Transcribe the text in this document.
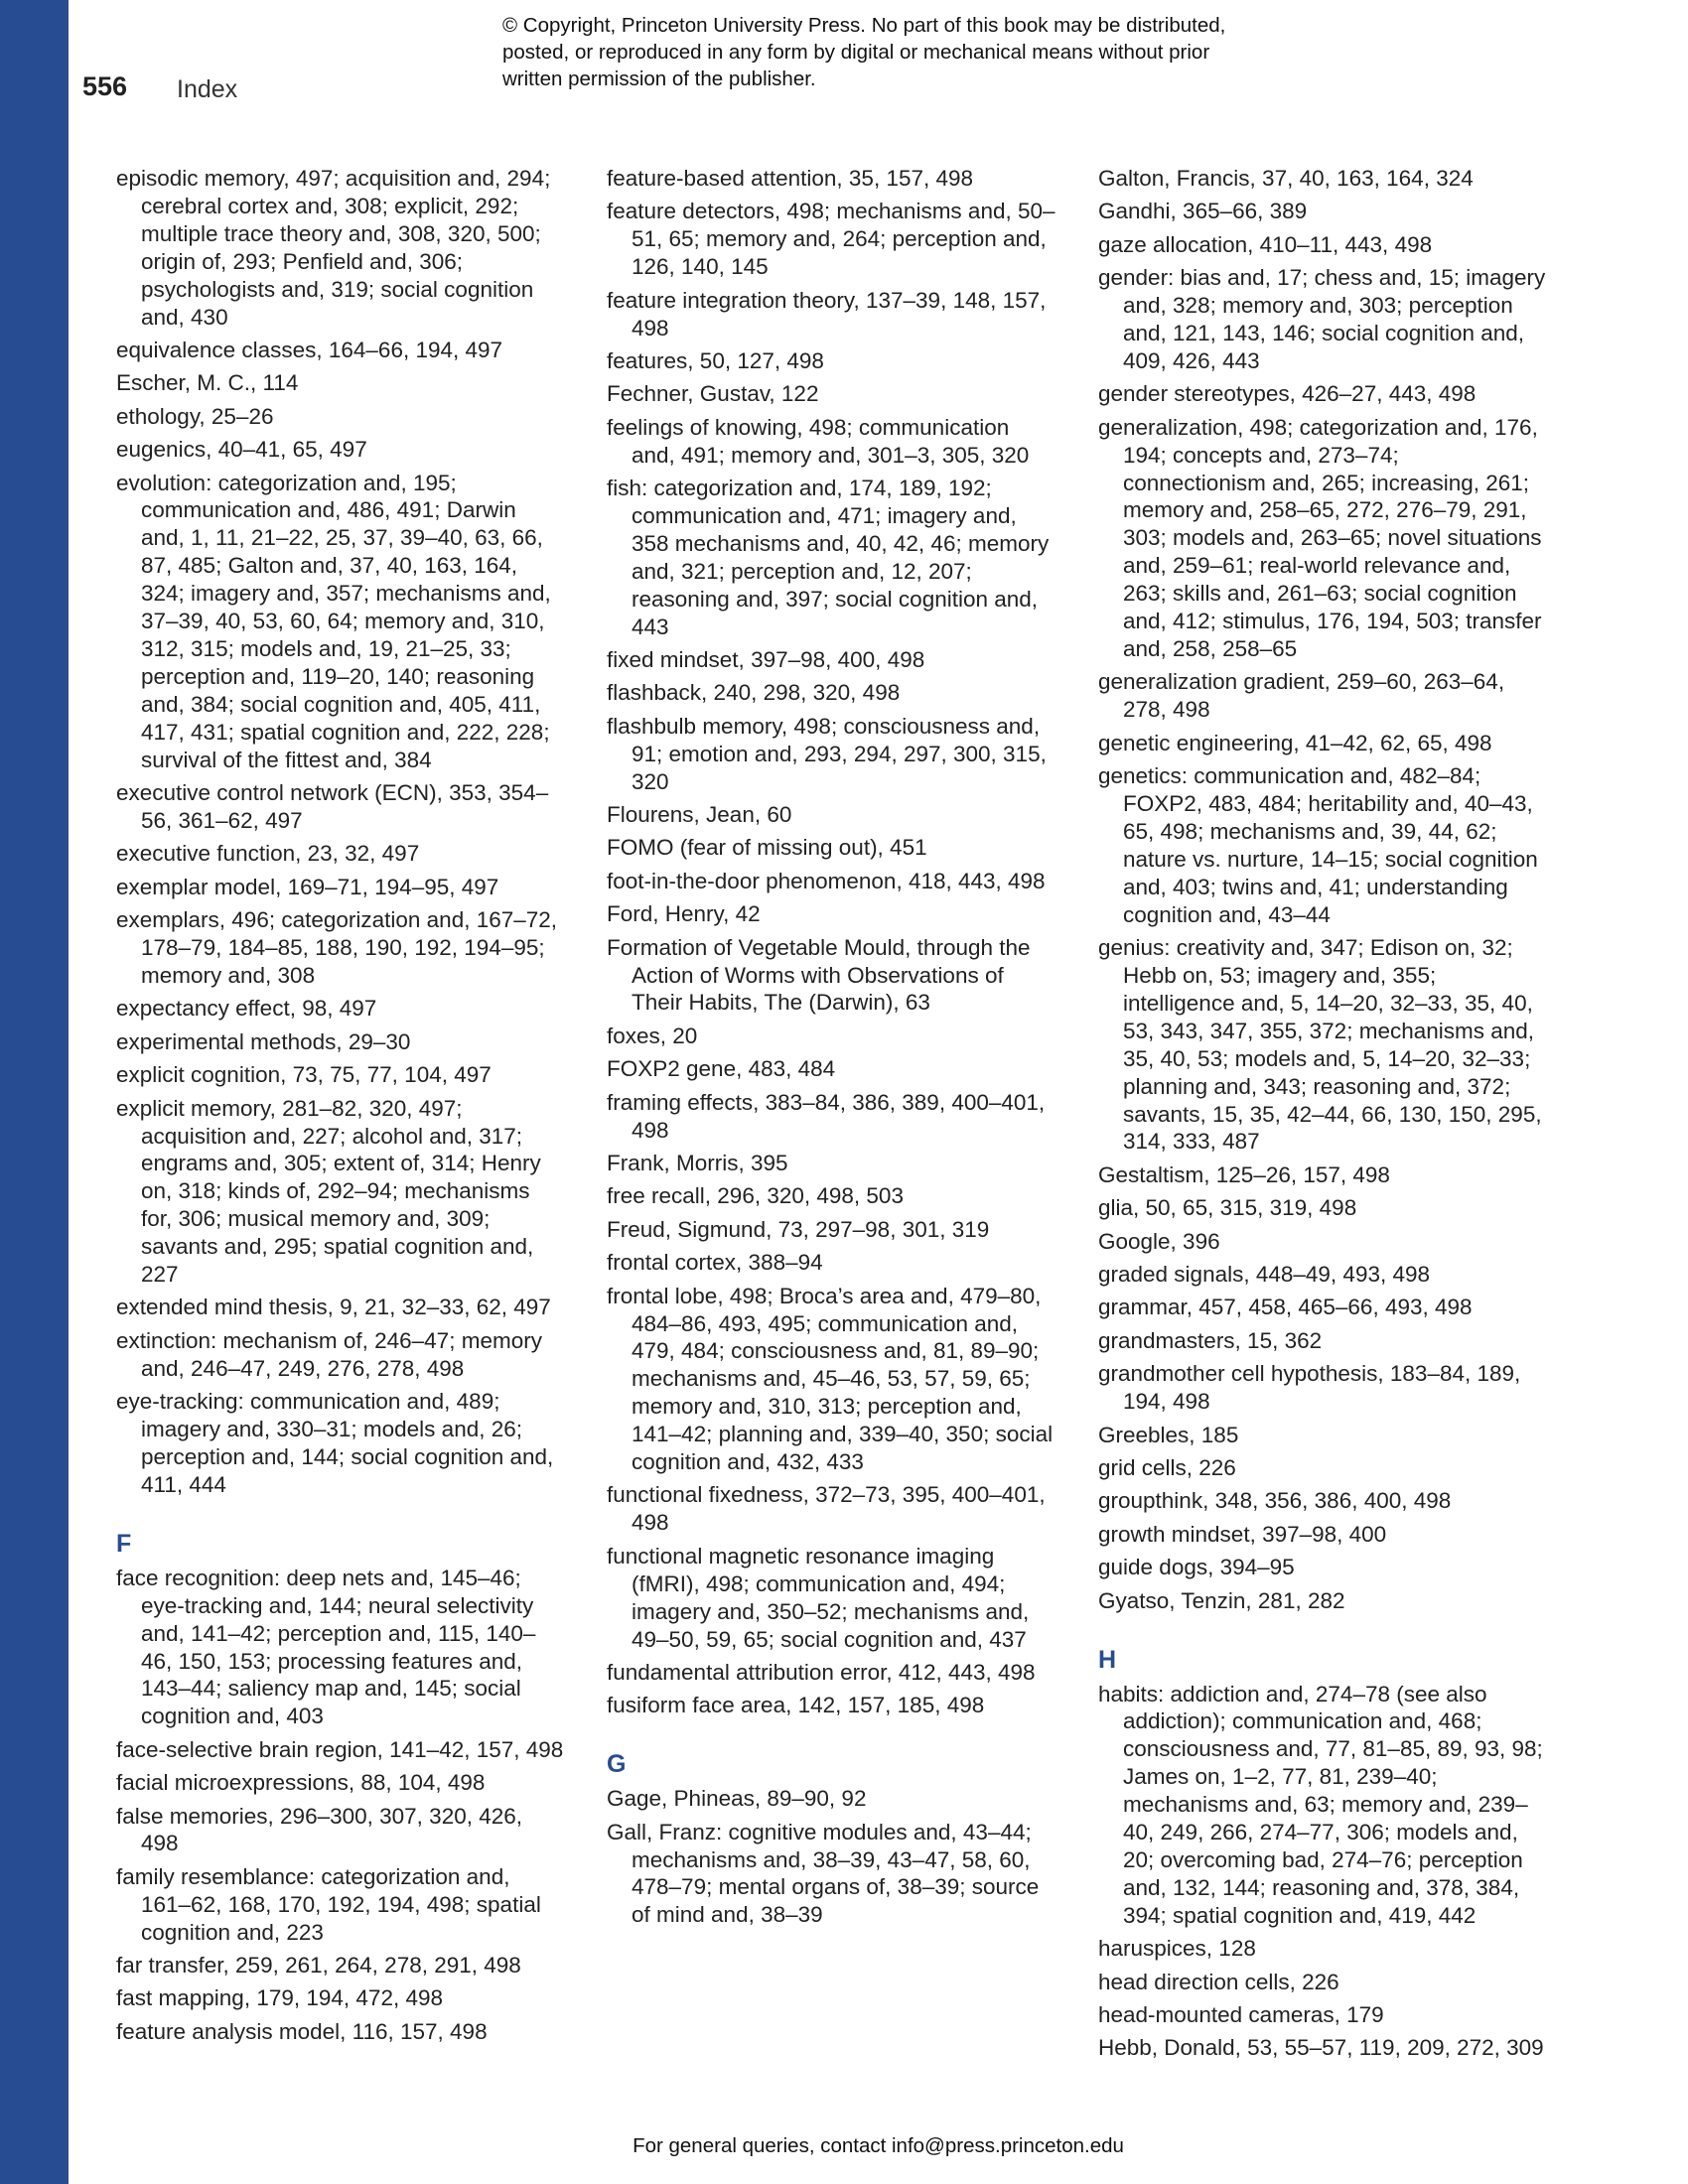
© Copyright, Princeton University Press. No part of this book may be distributed, posted, or reproduced in any form by digital or mechanical means without prior written permission of the publisher.
556 Index
episodic memory, 497; acquisition and, 294; cerebral cortex and, 308; explicit, 292; multiple trace theory and, 308, 320, 500; origin of, 293; Penfield and, 306; psychologists and, 319; social cognition and, 430
equivalence classes, 164–66, 194, 497
Escher, M. C., 114
ethology, 25–26
eugenics, 40–41, 65, 497
evolution: categorization and, 195; communication and, 486, 491; Darwin and, 1, 11, 21–22, 25, 37, 39–40, 63, 66, 87, 485; Galton and, 37, 40, 163, 164, 324; imagery and, 357; mechanisms and, 37–39, 40, 53, 60, 64; memory and, 310, 312, 315; models and, 19, 21–25, 33; perception and, 119–20, 140; reasoning and, 384; social cognition and, 405, 411, 417, 431; spatial cognition and, 222, 228; survival of the fittest and, 384
executive control network (ECN), 353, 354–56, 361–62, 497
executive function, 23, 32, 497
exemplar model, 169–71, 194–95, 497
exemplars, 496; categorization and, 167–72, 178–79, 184–85, 188, 190, 192, 194–95; memory and, 308
expectancy effect, 98, 497
experimental methods, 29–30
explicit cognition, 73, 75, 77, 104, 497
explicit memory, 281–82, 320, 497; acquisition and, 227; alcohol and, 317; engrams and, 305; extent of, 314; Henry on, 318; kinds of, 292–94; mechanisms for, 306; musical memory and, 309; savants and, 295; spatial cognition and, 227
extended mind thesis, 9, 21, 32–33, 62, 497
extinction: mechanism of, 246–47; memory and, 246–47, 249, 276, 278, 498
eye-tracking: communication and, 489; imagery and, 330–31; models and, 26; perception and, 144; social cognition and, 411, 444
F
face recognition: deep nets and, 145–46; eye-tracking and, 144; neural selectivity and, 141–42; perception and, 115, 140–46, 150, 153; processing features and, 143–44; saliency map and, 145; social cognition and, 403
face-selective brain region, 141–42, 157, 498
facial microexpressions, 88, 104, 498
false memories, 296–300, 307, 320, 426, 498
family resemblance: categorization and, 161–62, 168, 170, 192, 194, 498; spatial cognition and, 223
far transfer, 259, 261, 264, 278, 291, 498
fast mapping, 179, 194, 472, 498
feature analysis model, 116, 157, 498
feature-based attention, 35, 157, 498
feature detectors, 498; mechanisms and, 50–51, 65; memory and, 264; perception and, 126, 140, 145
feature integration theory, 137–39, 148, 157, 498
features, 50, 127, 498
Fechner, Gustav, 122
feelings of knowing, 498; communication and, 491; memory and, 301–3, 305, 320
fish: categorization and, 174, 189, 192; communication and, 471; imagery and, 358 mechanisms and, 40, 42, 46; memory and, 321; perception and, 12, 207; reasoning and, 397; social cognition and, 443
fixed mindset, 397–98, 400, 498
flashback, 240, 298, 320, 498
flashbulb memory, 498; consciousness and, 91; emotion and, 293, 294, 297, 300, 315, 320
Flourens, Jean, 60
FOMO (fear of missing out), 451
foot-in-the-door phenomenon, 418, 443, 498
Ford, Henry, 42
Formation of Vegetable Mould, through the Action of Worms with Observations of Their Habits, The (Darwin), 63
foxes, 20
FOXP2 gene, 483, 484
framing effects, 383–84, 386, 389, 400–401, 498
Frank, Morris, 395
free recall, 296, 320, 498, 503
Freud, Sigmund, 73, 297–98, 301, 319
frontal cortex, 388–94
frontal lobe, 498; Broca’s area and, 479–80, 484–86, 493, 495; communication and, 479, 484; consciousness and, 81, 89–90; mechanisms and, 45–46, 53, 57, 59, 65; memory and, 310, 313; perception and, 141–42; planning and, 339–40, 350; social cognition and, 432, 433
functional fixedness, 372–73, 395, 400–401, 498
functional magnetic resonance imaging (fMRI), 498; communication and, 494; imagery and, 350–52; mechanisms and, 49–50, 59, 65; social cognition and, 437
fundamental attribution error, 412, 443, 498
fusiform face area, 142, 157, 185, 498
G
Gage, Phineas, 89–90, 92
Gall, Franz: cognitive modules and, 43–44; mechanisms and, 38–39, 43–47, 58, 60, 478–79; mental organs of, 38–39; source of mind and, 38–39
Galton, Francis, 37, 40, 163, 164, 324
Gandhi, 365–66, 389
gaze allocation, 410–11, 443, 498
gender: bias and, 17; chess and, 15; imagery and, 328; memory and, 303; perception and, 121, 143, 146; social cognition and, 409, 426, 443
gender stereotypes, 426–27, 443, 498
generalization, 498; categorization and, 176, 194; concepts and, 273–74; connectionism and, 265; increasing, 261; memory and, 258–65, 272, 276–79, 291, 303; models and, 263–65; novel situations and, 259–61; real-world relevance and, 263; skills and, 261–63; social cognition and, 412; stimulus, 176, 194, 503; transfer and, 258, 258–65
generalization gradient, 259–60, 263–64, 278, 498
genetic engineering, 41–42, 62, 65, 498
genetics: communication and, 482–84; FOXP2, 483, 484; heritability and, 40–43, 65, 498; mechanisms and, 39, 44, 62; nature vs. nurture, 14–15; social cognition and, 403; twins and, 41; understanding cognition and, 43–44
genius: creativity and, 347; Edison on, 32; Hebb on, 53; imagery and, 355; intelligence and, 5, 14–20, 32–33, 35, 40, 53, 343, 347, 355, 372; mechanisms and, 35, 40, 53; models and, 5, 14–20, 32–33; planning and, 343; reasoning and, 372; savants, 15, 35, 42–44, 66, 130, 150, 295, 314, 333, 487
Gestaltism, 125–26, 157, 498
glia, 50, 65, 315, 319, 498
Google, 396
graded signals, 448–49, 493, 498
grammar, 457, 458, 465–66, 493, 498
grandmasters, 15, 362
grandmother cell hypothesis, 183–84, 189, 194, 498
Greebles, 185
grid cells, 226
groupthink, 348, 356, 386, 400, 498
growth mindset, 397–98, 400
guide dogs, 394–95
Gyatso, Tenzin, 281, 282
H
habits: addiction and, 274–78 (see also addiction); communication and, 468; consciousness and, 77, 81–85, 89, 93, 98; James on, 1–2, 77, 81, 239–40; mechanisms and, 63; memory and, 239–40, 249, 266, 274–77, 306; models and, 20; overcoming bad, 274–76; perception and, 132, 144; reasoning and, 378, 384, 394; spatial cognition and, 419, 442
haruspices, 128
head direction cells, 226
head-mounted cameras, 179
Hebb, Donald, 53, 55–57, 119, 209, 272, 309
For general queries, contact info@press.princeton.edu
